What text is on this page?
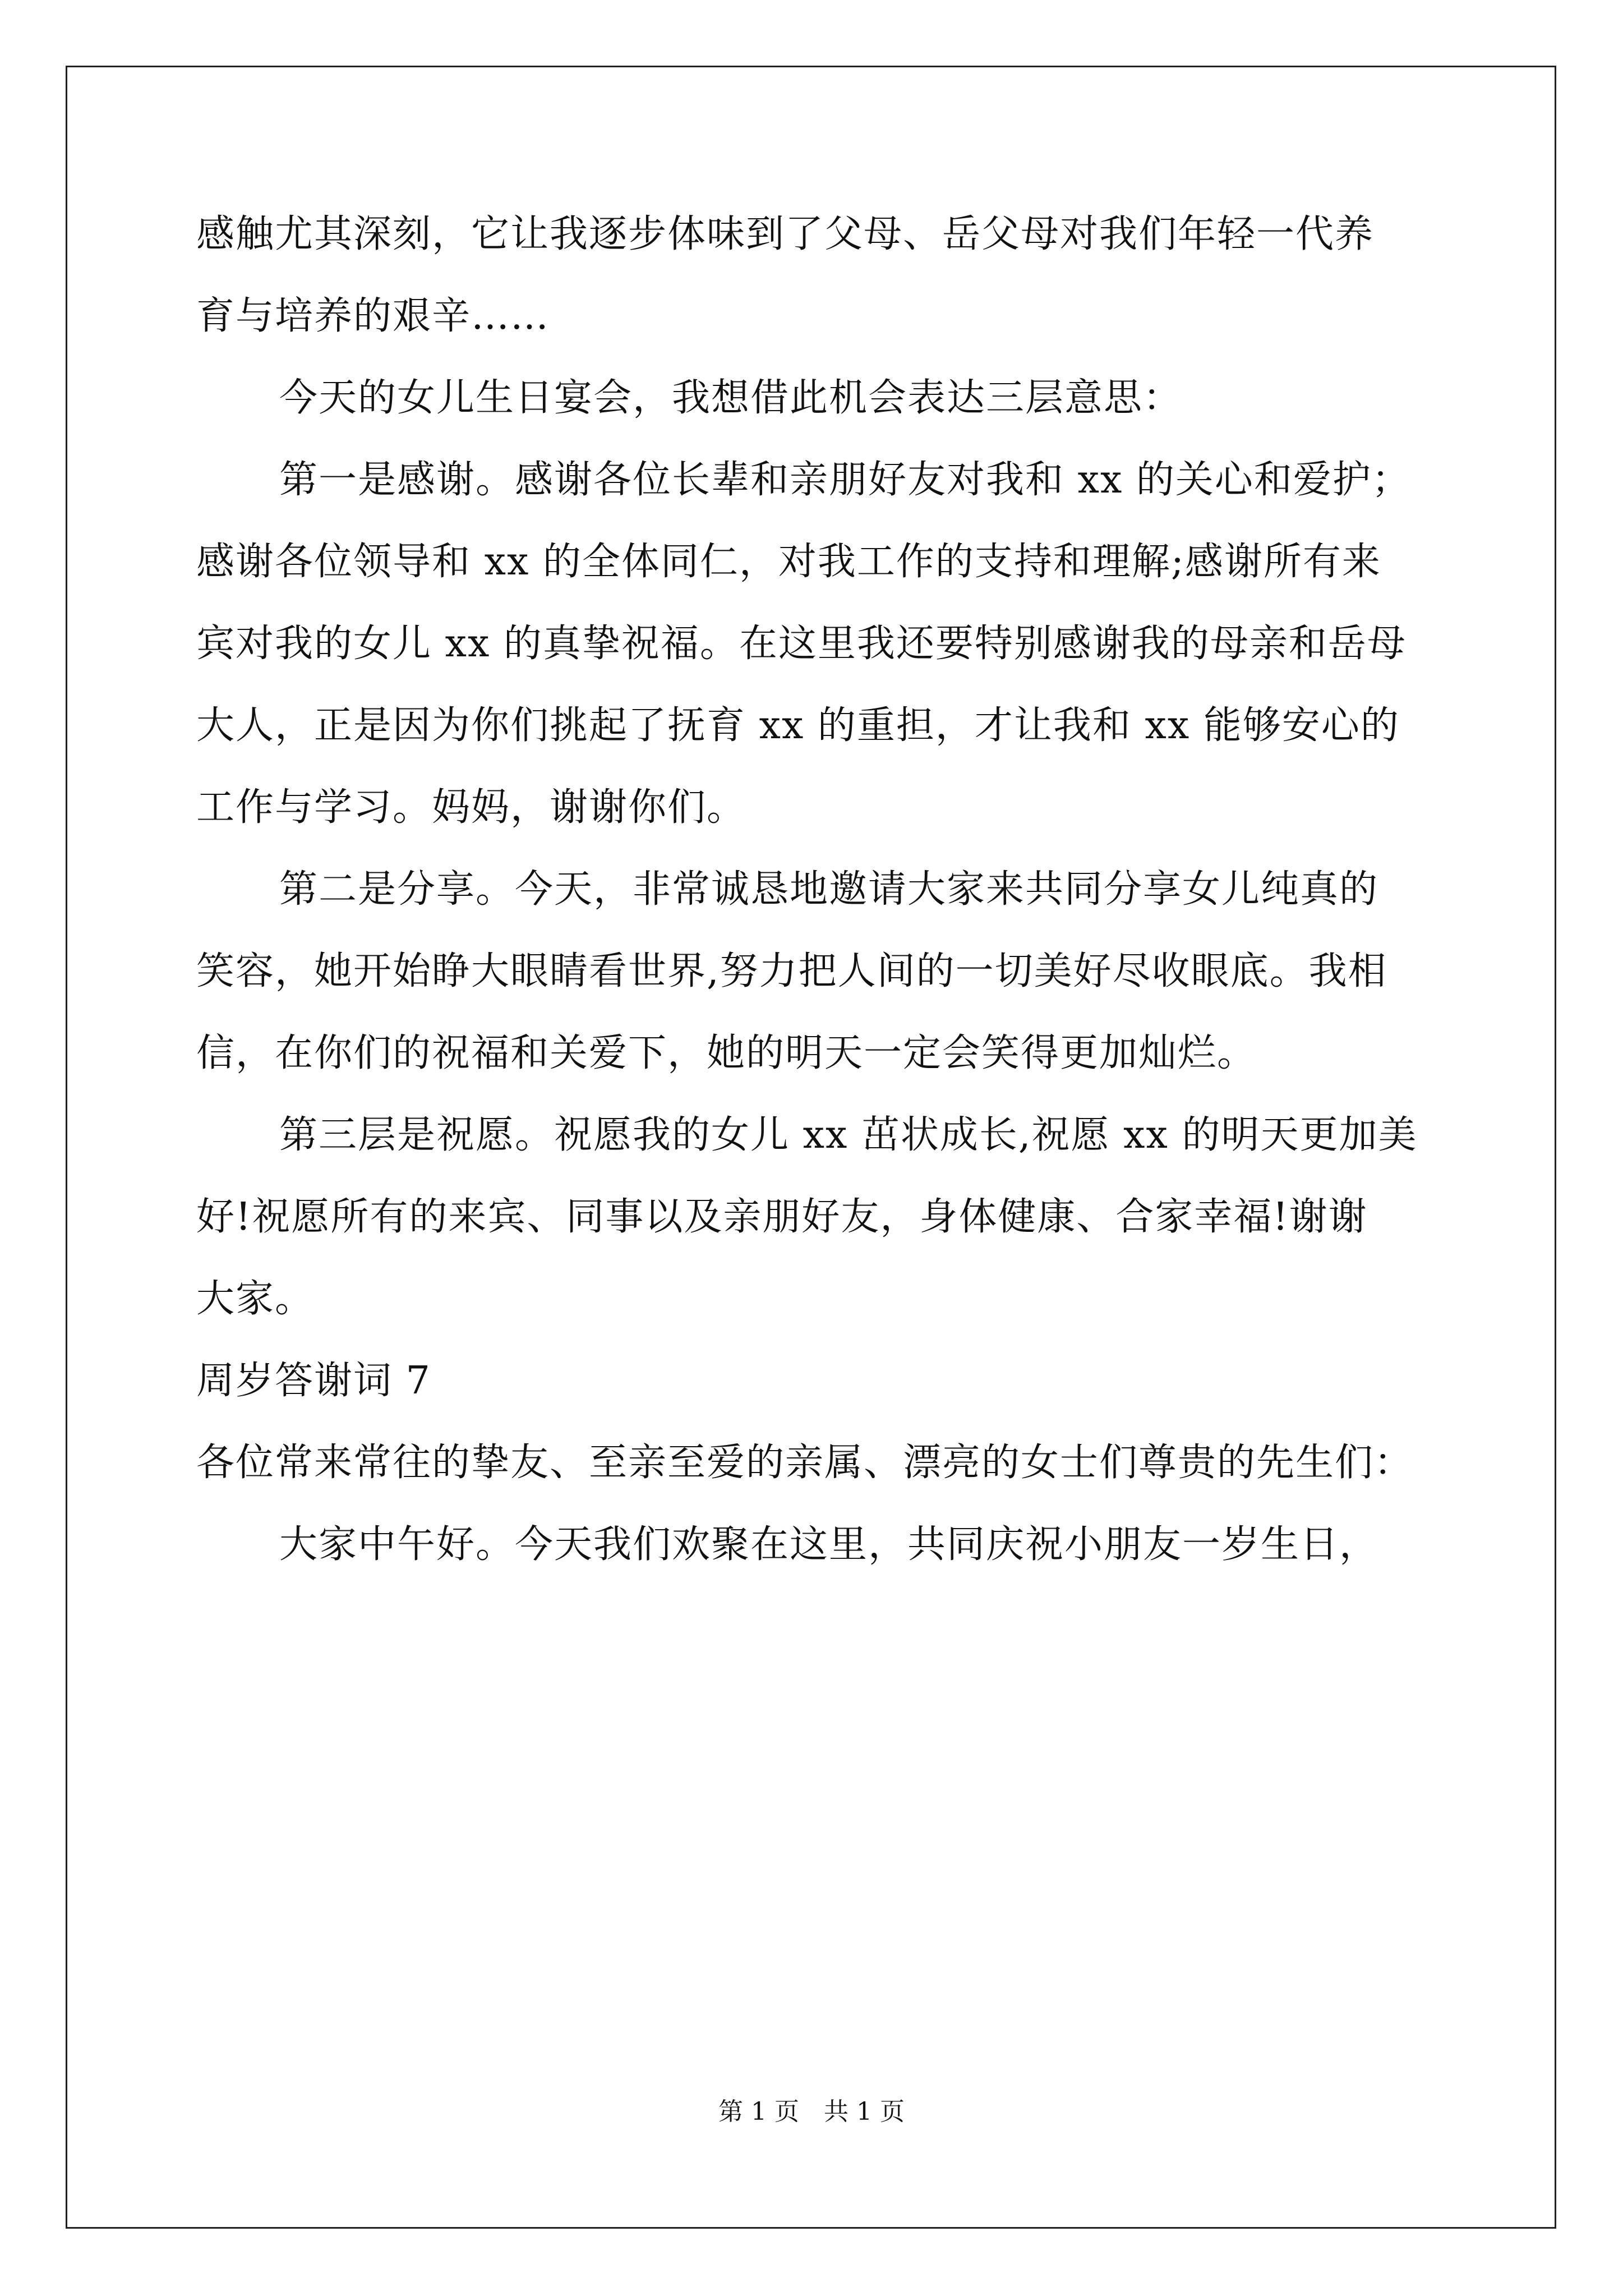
感触尤其深刻，它让我逐步体味到了父母、岳父母对我们年轻一代养
育与培养的艰辛……
今天的女儿生日宴会，我想借此机会表达三层意思：
第一是感谢。感谢各位长辈和亲朋好友对我和 xx 的关心和爱护；
感谢各位领导和 xx 的全体同仁，对我工作的支持和理解;感谢所有来
宾对我的女儿 xx 的真挚祝福。在这里我还要特别感谢我的母亲和岳母
大人，正是因为你们挑起了抚育 xx 的重担，才让我和 xx 能够安心的
工作与学习。妈妈，谢谢你们。
第二是分享。今天，非常诚恳地邀请大家来共同分享女儿纯真的
笑容，她开始睁大眼睛看世界,努力把人间的一切美好尽收眼底。我相
信，在你们的祝福和关爱下，她的明天一定会笑得更加灿烂。
第三层是祝愿。祝愿我的女儿 xx 茁状成长,祝愿 xx 的明天更加美
好!祝愿所有的来宾、同事以及亲朋好友，身体健康、合家幸福!谢谢
大家。
周岁答谢词 7
各位常来常往的挚友、至亲至爱的亲属、漂亮的女士们尊贵的先生们：
大家中午好。今天我们欢聚在这里，共同庆祝小朋友一岁生日，
第 1 页　共 1 页
